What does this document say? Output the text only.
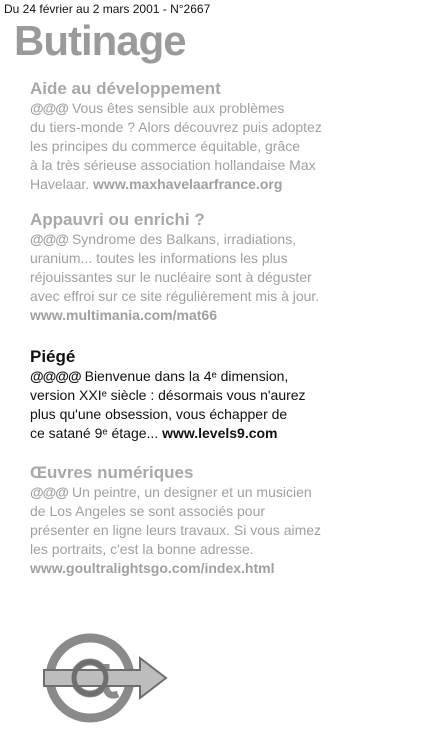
Du 24 février au 2 mars 2001 - N°2667
Butinage
Aide au développement
@@@ Vous êtes sensible aux problèmes
du tiers-monde ? Alors découvrez puis adoptez
les principes du commerce équitable, grâce
à la très sérieuse association hollandaise Max
Havelaar. www.maxhavelaarfrance.org
Appauvri ou enrichi ?
@@@ Syndrome des Balkans, irradiations,
uranium... toutes les informations les plus
réjouissantes sur le nucléaire sont à déguster
avec effroi sur ce site régulièrement mis à jour.
www.multimania.com/mat66
Piégé
@@@@ Bienvenue dans la 4ᵉ dimension,
version XXIᵉ siècle : désormais vous n'aurez
plus qu'une obsession, vous échapper de
ce satané 9ᵉ étage... www.levels9.com
Œuvres numériques
@@@ Un peintre, un designer et un musicien
de Los Angeles se sont associés pour
présenter en ligne leurs travaux. Si vous aimez
les portraits, c'est la bonne adresse.
www.goultralightsgo.com/index.html
